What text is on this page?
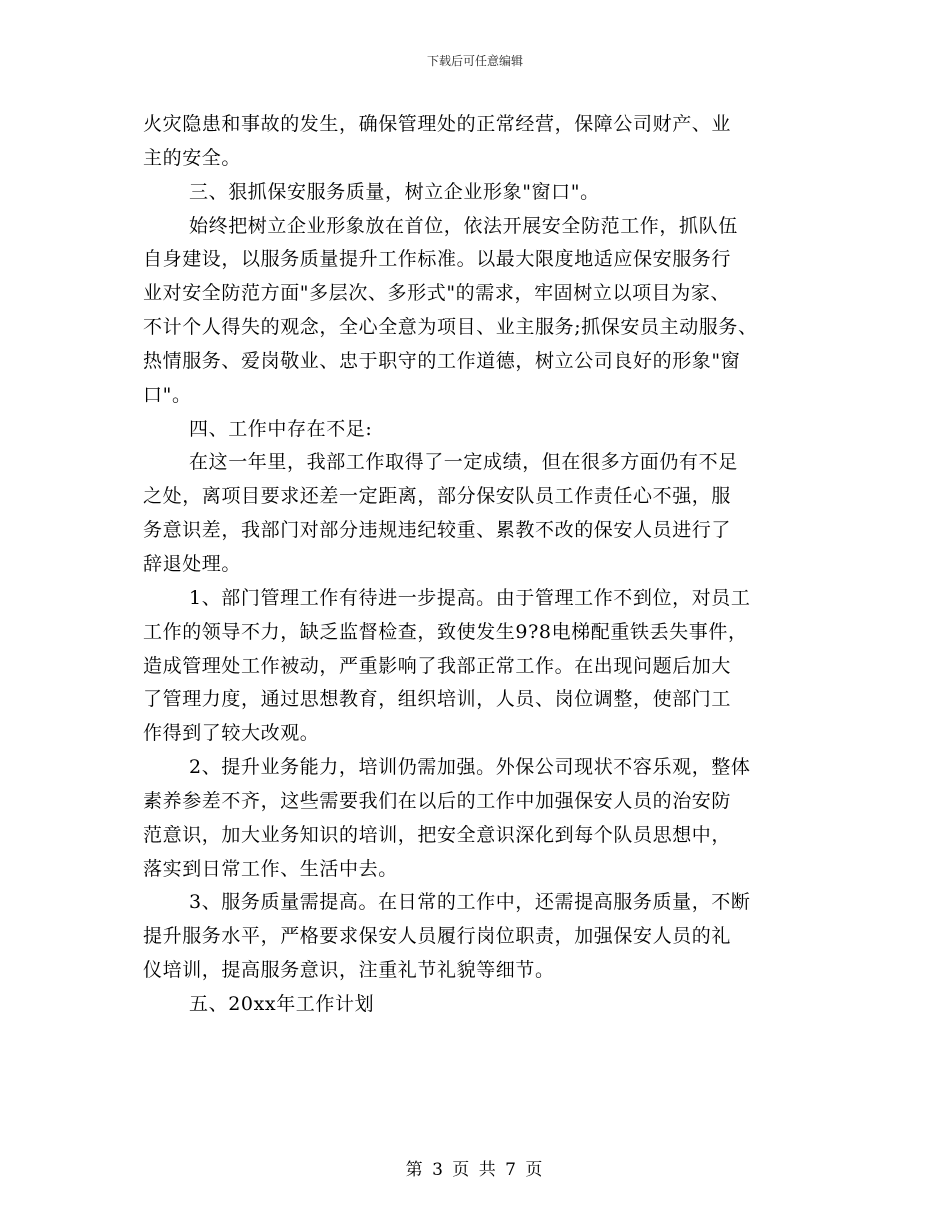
下载后可任意编辑
火灾隐患和事故的发生，确保管理处的正常经营，保障公司财产、业
主的安全。
三、狠抓保安服务质量，树立企业形象"窗口"。
始终把树立企业形象放在首位，依法开展安全防范工作，抓队伍
自身建设，以服务质量提升工作标准。以最大限度地适应保安服务行
业对安全防范方面"多层次、多形式"的需求，牢固树立以项目为家、
不计个人得失的观念，全心全意为项目、业主服务;抓保安员主动服务、
热情服务、爱岗敬业、忠于职守的工作道德，树立公司良好的形象"窗
口"。
四、工作中存在不足:
在这一年里，我部工作取得了一定成绩，但在很多方面仍有不足
之处，离项目要求还差一定距离，部分保安队员工作责任心不强，服
务意识差，我部门对部分违规违纪较重、累教不改的保安人员进行了
辞退处理。
1、部门管理工作有待进一步提高。由于管理工作不到位，对员工
工作的领导不力，缺乏监督检查，致使发生9?8电梯配重铁丢失事件，
造成管理处工作被动，严重影响了我部正常工作。在出现问题后加大
了管理力度，通过思想教育，组织培训，人员、岗位调整，使部门工
作得到了较大改观。
2、提升业务能力，培训仍需加强。外保公司现状不容乐观，整体
素养参差不齐，这些需要我们在以后的工作中加强保安人员的治安防
范意识，加大业务知识的培训，把安全意识深化到每个队员思想中，
落实到日常工作、生活中去。
3、服务质量需提高。在日常的工作中，还需提高服务质量，不断
提升服务水平，严格要求保安人员履行岗位职责，加强保安人员的礼
仪培训，提高服务意识，注重礼节礼貌等细节。
五、20xx年工作计划
第 3 页 共 7 页
